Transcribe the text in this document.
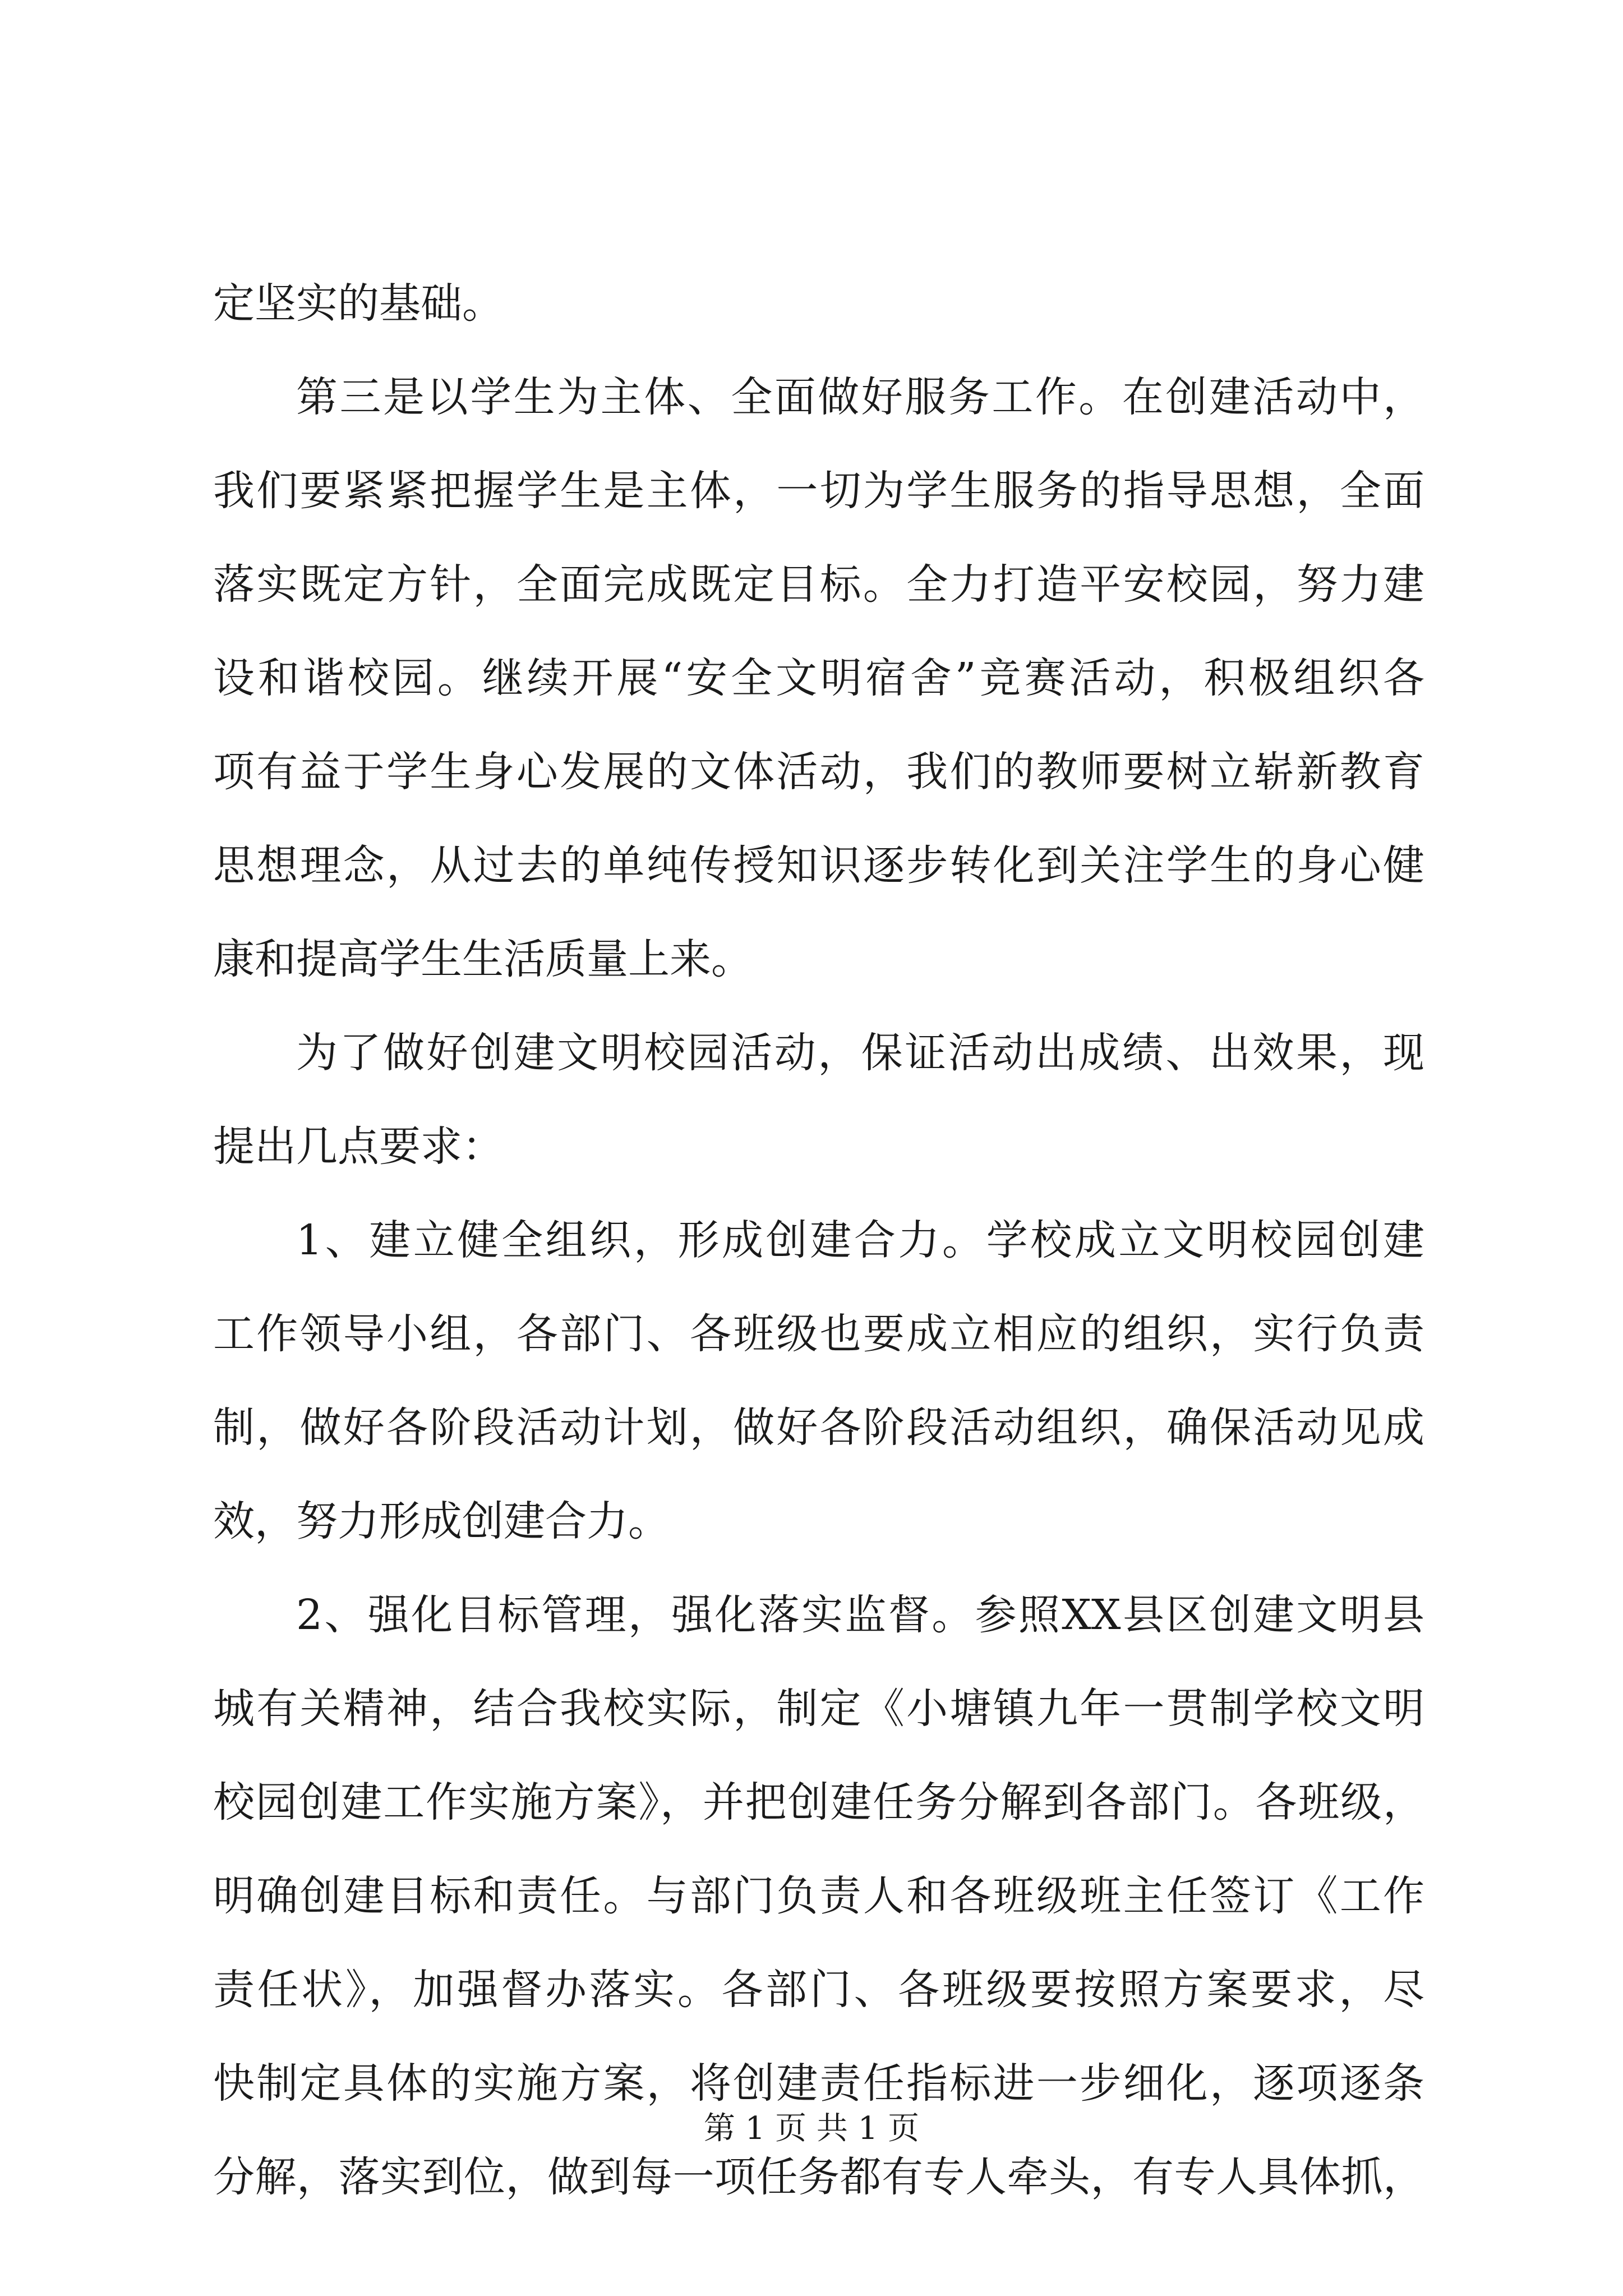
定坚实的基础。
第三是以学生为主体、全面做好服务工作。在创建活动中，
我们要紧紧把握学生是主体，一切为学生服务的指导思想，全面
落实既定方针，全面完成既定目标。全力打造平安校园，努力建
设和谐校园。继续开展“安全文明宿舍”竞赛活动，积极组织各
项有益于学生身心发展的文体活动，我们的教师要树立崭新教育
思想理念，从过去的单纯传授知识逐步转化到关注学生的身心健
康和提高学生生活质量上来。
为了做好创建文明校园活动，保证活动出成绩、出效果，现
提出几点要求：
1、建立健全组织，形成创建合力。学校成立文明校园创建
工作领导小组，各部门、各班级也要成立相应的组织，实行负责
制，做好各阶段活动计划，做好各阶段活动组织，确保活动见成
效，努力形成创建合力。
2、强化目标管理，强化落实监督。参照XX县区创建文明县
城有关精神，结合我校实际，制定《小塘镇九年一贯制学校文明
校园创建工作实施方案》，并把创建任务分解到各部门。各班级，
明确创建目标和责任。与部门负责人和各班级班主任签订《工作
责任状》，加强督办落实。各部门、各班级要按照方案要求，尽
快制定具体的实施方案，将创建责任指标进一步细化，逐项逐条
分解，落实到位，做到每一项任务都有专人牵头，有专人具体抓，
第 1 页 共 1 页
